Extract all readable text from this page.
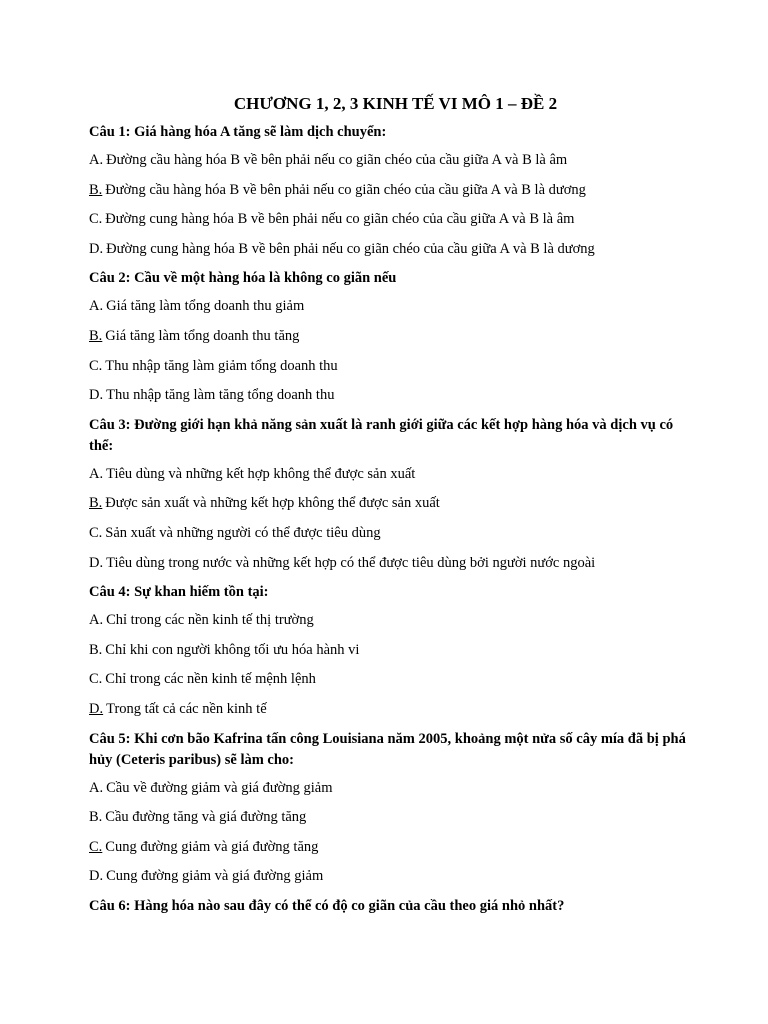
CHƯƠNG 1, 2, 3 KINH TẾ VI MÔ 1 – ĐỀ 2
Câu 1: Giá hàng hóa A tăng sẽ làm dịch chuyển:
A. Đường cầu hàng hóa B về bên phải nếu co giãn chéo của cầu giữa A và B là âm
B. Đường cầu hàng hóa B về bên phải nếu co giãn chéo của cầu giữa A và B là dương
C. Đường cung hàng hóa B về bên phải nếu co giãn chéo của cầu giữa A và B là âm
D. Đường cung hàng hóa B về bên phải nếu co giãn chéo của cầu giữa A và B là dương
Câu 2: Cầu về một hàng hóa là không co giãn nếu
A. Giá tăng làm tổng doanh thu giảm
B. Giá tăng làm tổng doanh thu tăng
C. Thu nhập tăng làm giảm tổng doanh thu
D. Thu nhập tăng làm tăng tổng doanh thu
Câu 3: Đường giới hạn khả năng sản xuất là ranh giới giữa các kết hợp hàng hóa và dịch vụ có thể:
A. Tiêu dùng và những kết hợp không thể được sản xuất
B. Được sản xuất và những kết hợp không thể được sản xuất
C. Sản xuất và những người có thể được tiêu dùng
D. Tiêu dùng trong nước và những kết hợp có thể được tiêu dùng bởi người nước ngoài
Câu 4: Sự khan hiếm tồn tại:
A. Chỉ trong các nền kinh tế thị trường
B. Chỉ khi con người không tối ưu hóa hành vi
C. Chỉ trong các nền kinh tế mệnh lệnh
D. Trong tất cả các nền kinh tế
Câu 5: Khi cơn bão Kafrina tấn công Louisiana năm 2005, khoảng một nửa số cây mía đã bị phá hủy (Ceteris paribus) sẽ làm cho:
A. Cầu về đường giảm và giá đường giảm
B. Cầu đường tăng và giá đường tăng
C. Cung đường giảm và giá đường tăng
D. Cung đường giảm và giá đường giảm
Câu 6: Hàng hóa nào sau đây có thể có độ co giãn của cầu theo giá nhỏ nhất?
